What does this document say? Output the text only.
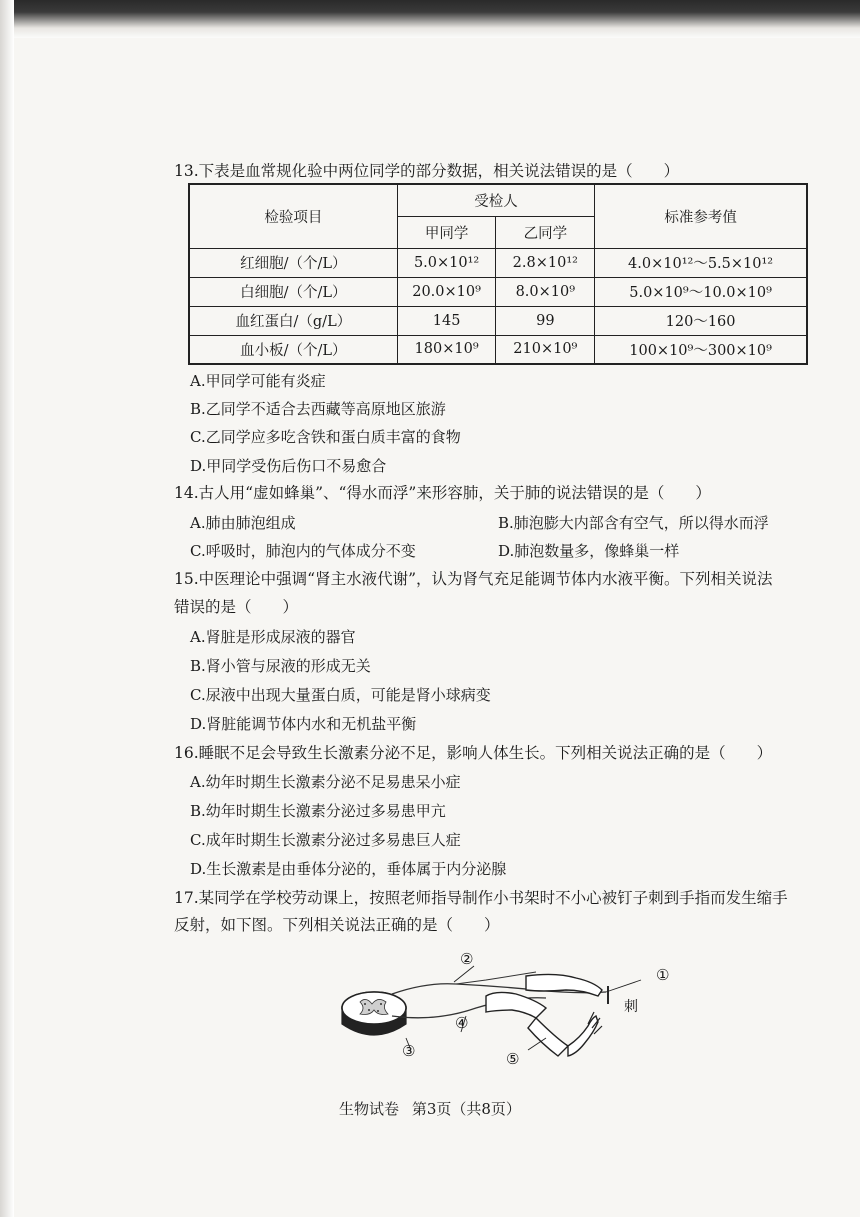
13.下表是血常规化验中两位同学的部分数据，相关说法错误的是（　　）
检验项目	受检人		标准参考值
	甲同学	乙同学	
红细胞/（个/L）	5.0×10¹²	2.8×10¹²	4.0×10¹²～5.5×10¹²
白细胞/（个/L）	20.0×10⁹	8.0×10⁹	5.0×10⁹～10.0×10⁹
血红蛋白/（g/L）	145	99	120～160
血小板/（个/L）	180×10⁹	210×10⁹	100×10⁹～300×10⁹
A.甲同学可能有炎症
B.乙同学不适合去西藏等高原地区旅游
C.乙同学应多吃含铁和蛋白质丰富的食物
D.甲同学受伤后伤口不易愈合
14.古人用“虚如蜂巢”、“得水而浮”来形容肺，关于肺的说法错误的是（　　）
A.肺由肺泡组成	B.肺泡膨大内部含有空气，所以得水而浮
C.呼吸时，肺泡内的气体成分不变	D.肺泡数量多，像蜂巢一样
15.中医理论中强调“肾主水液代谢”，认为肾气充足能调节体内水液平衡。下列相关说法
错误的是（　　）
A.肾脏是形成尿液的器官
B.肾小管与尿液的形成无关
C.尿液中出现大量蛋白质，可能是肾小球病变
D.肾脏能调节体内水和无机盐平衡
16.睡眠不足会导致生长激素分泌不足，影响人体生长。下列相关说法正确的是（　　）
A.幼年时期生长激素分泌不足易患呆小症
B.幼年时期生长激素分泌过多易患甲亢
C.成年时期生长激素分泌过多易患巨人症
D.生长激素是由垂体分泌的，垂体属于内分泌腺
17.某同学在学校劳动课上，按照老师指导制作小书架时不小心被钉子刺到手指而发生缩手
反射，如下图。下列相关说法正确的是（　　）
①
②
③
④
⑤
刺
生物试卷 第3页（共8页）
